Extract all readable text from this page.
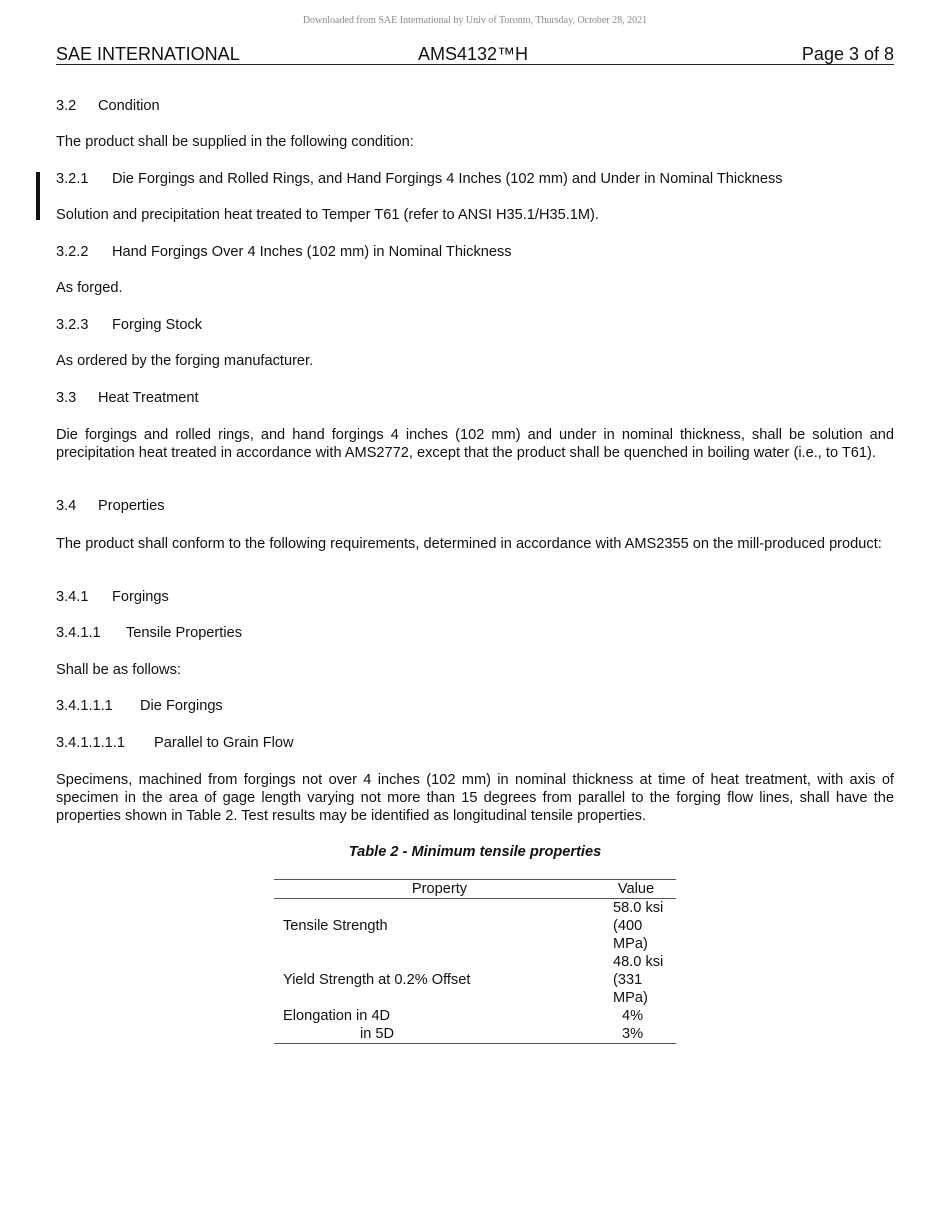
Downloaded from SAE International by Univ of Toronto, Thursday, October 28, 2021
SAE INTERNATIONAL	AMS4132™H	Page 3 of 8
3.2 Condition
The product shall be supplied in the following condition:
3.2.1 Die Forgings and Rolled Rings, and Hand Forgings 4 Inches (102 mm) and Under in Nominal Thickness
Solution and precipitation heat treated to Temper T61 (refer to ANSI H35.1/H35.1M).
3.2.2 Hand Forgings Over 4 Inches (102 mm) in Nominal Thickness
As forged.
3.2.3 Forging Stock
As ordered by the forging manufacturer.
3.3 Heat Treatment
Die forgings and rolled rings, and hand forgings 4 inches (102 mm) and under in nominal thickness, shall be solution and precipitation heat treated in accordance with AMS2772, except that the product shall be quenched in boiling water (i.e., to T61).
3.4 Properties
The product shall conform to the following requirements, determined in accordance with AMS2355 on the mill-produced product:
3.4.1 Forgings
3.4.1.1 Tensile Properties
Shall be as follows:
3.4.1.1.1 Die Forgings
3.4.1.1.1.1 Parallel to Grain Flow
Specimens, machined from forgings not over 4 inches (102 mm) in nominal thickness at time of heat treatment, with axis of specimen in the area of gage length varying not more than 15 degrees from parallel to the forging flow lines, shall have the properties shown in Table 2. Test results may be identified as longitudinal tensile properties.
Table 2 - Minimum tensile properties
Property	Value
Tensile Strength	58.0 ksi (400 MPa)
Yield Strength at 0.2% Offset	48.0 ksi (331 MPa)
Elongation in 4D	4%
in 5D	3%
